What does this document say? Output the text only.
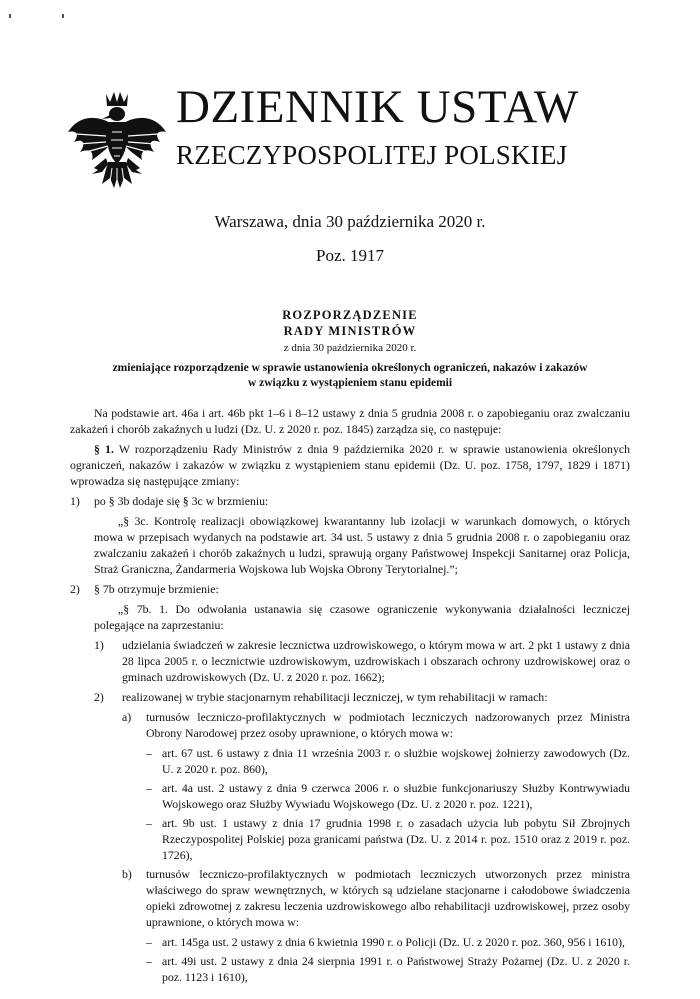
DZIENNIK USTAW
RZECZYPOSPOLITEJ POLSKIEJ
Warszawa, dnia 30 października 2020 r.
Poz. 1917
ROZPORZĄDZENIE
RADY MINISTRÓW
z dnia 30 października 2020 r.
zmieniające rozporządzenie w sprawie ustanowienia określonych ograniczeń, nakazów i zakazów w związku z wystąpieniem stanu epidemii

Na podstawie art. 46a i art. 46b pkt 1–6 i 8–12 ustawy z dnia 5 grudnia 2008 r. o zapobieganiu oraz zwalczaniu zakażeń i chorób zakaźnych u ludzi (Dz. U. z 2020 r. poz. 1845) zarządza się, co następuje:

§ 1. W rozporządzeniu Rady Ministrów z dnia 9 października 2020 r. w sprawie ustanowienia określonych ograniczeń, nakazów i zakazów w związku z wystąpieniem stanu epidemii (Dz. U. poz. 1758, 1797, 1829 i 1871) wprowadza się następujące zmiany:

1)	po § 3b dodaje się § 3c w brzmieniu:

„§ 3c. Kontrolę realizacji obowiązkowej kwarantanny lub izolacji w warunkach domowych, o których mowa w przepisach wydanych na podstawie art. 34 ust. 5 ustawy z dnia 5 grudnia 2008 r. o zapobieganiu oraz zwalczaniu zakażeń i chorób zakaźnych u ludzi, sprawują organy Państwowej Inspekcji Sanitarnej oraz Policja, Straż Graniczna, Żandarmeria Wojskowa lub Wojska Obrony Terytorialnej.”;

2)	§ 7b otrzymuje brzmienie:

„§ 7b. 1. Do odwołania ustanawia się czasowe ograniczenie wykonywania działalności leczniczej polegające na zaprzestaniu:

1)	udzielania świadczeń w zakresie lecznictwa uzdrowiskowego, o którym mowa w art. 2 pkt 1 ustawy z dnia 28 lipca 2005 r. o lecznictwie uzdrowiskowym, uzdrowiskach i obszarach ochrony uzdrowiskowej oraz o gminach uzdrowiskowych (Dz. U. z 2020 r. poz. 1662);
2)	realizowanej w trybie stacjonarnym rehabilitacji leczniczej, w tym rehabilitacji w ramach:
a)	turnusów leczniczo-profilaktycznych w podmiotach leczniczych nadzorowanych przez Ministra Obrony Narodowej przez osoby uprawnione, o których mowa w:
– art. 67 ust. 6 ustawy z dnia 11 września 2003 r. o służbie wojskowej żołnierzy zawodowych (Dz. U. z 2020 r. poz. 860),
– art. 4a ust. 2 ustawy z dnia 9 czerwca 2006 r. o służbie funkcjonariuszy Służby Kontrwywiadu Wojskowego oraz Służby Wywiadu Wojskowego (Dz. U. z 2020 r. poz. 1221),
– art. 9b ust. 1 ustawy z dnia 17 grudnia 1998 r. o zasadach użycia lub pobytu Sił Zbrojnych Rzeczypospolitej Polskiej poza granicami państwa (Dz. U. z 2014 r. poz. 1510 oraz z 2019 r. poz. 1726),
b)	turnusów leczniczo-profilaktycznych w podmiotach leczniczych utworzonych przez ministra właściwego do spraw wewnętrznych, w których są udzielane stacjonarne i całodobowe świadczenia opieki zdrowotnej z zakresu leczenia uzdrowiskowego albo rehabilitacji uzdrowiskowej, przez osoby uprawnione, o których mowa w:
– art. 145ga ust. 2 ustawy z dnia 6 kwietnia 1990 r. o Policji (Dz. U. z 2020 r. poz. 360, 956 i 1610),
– art. 49i ust. 2 ustawy z dnia 24 sierpnia 1991 r. o Państwowej Straży Pożarnej (Dz. U. z 2020 r. poz. 1123 i 1610),
